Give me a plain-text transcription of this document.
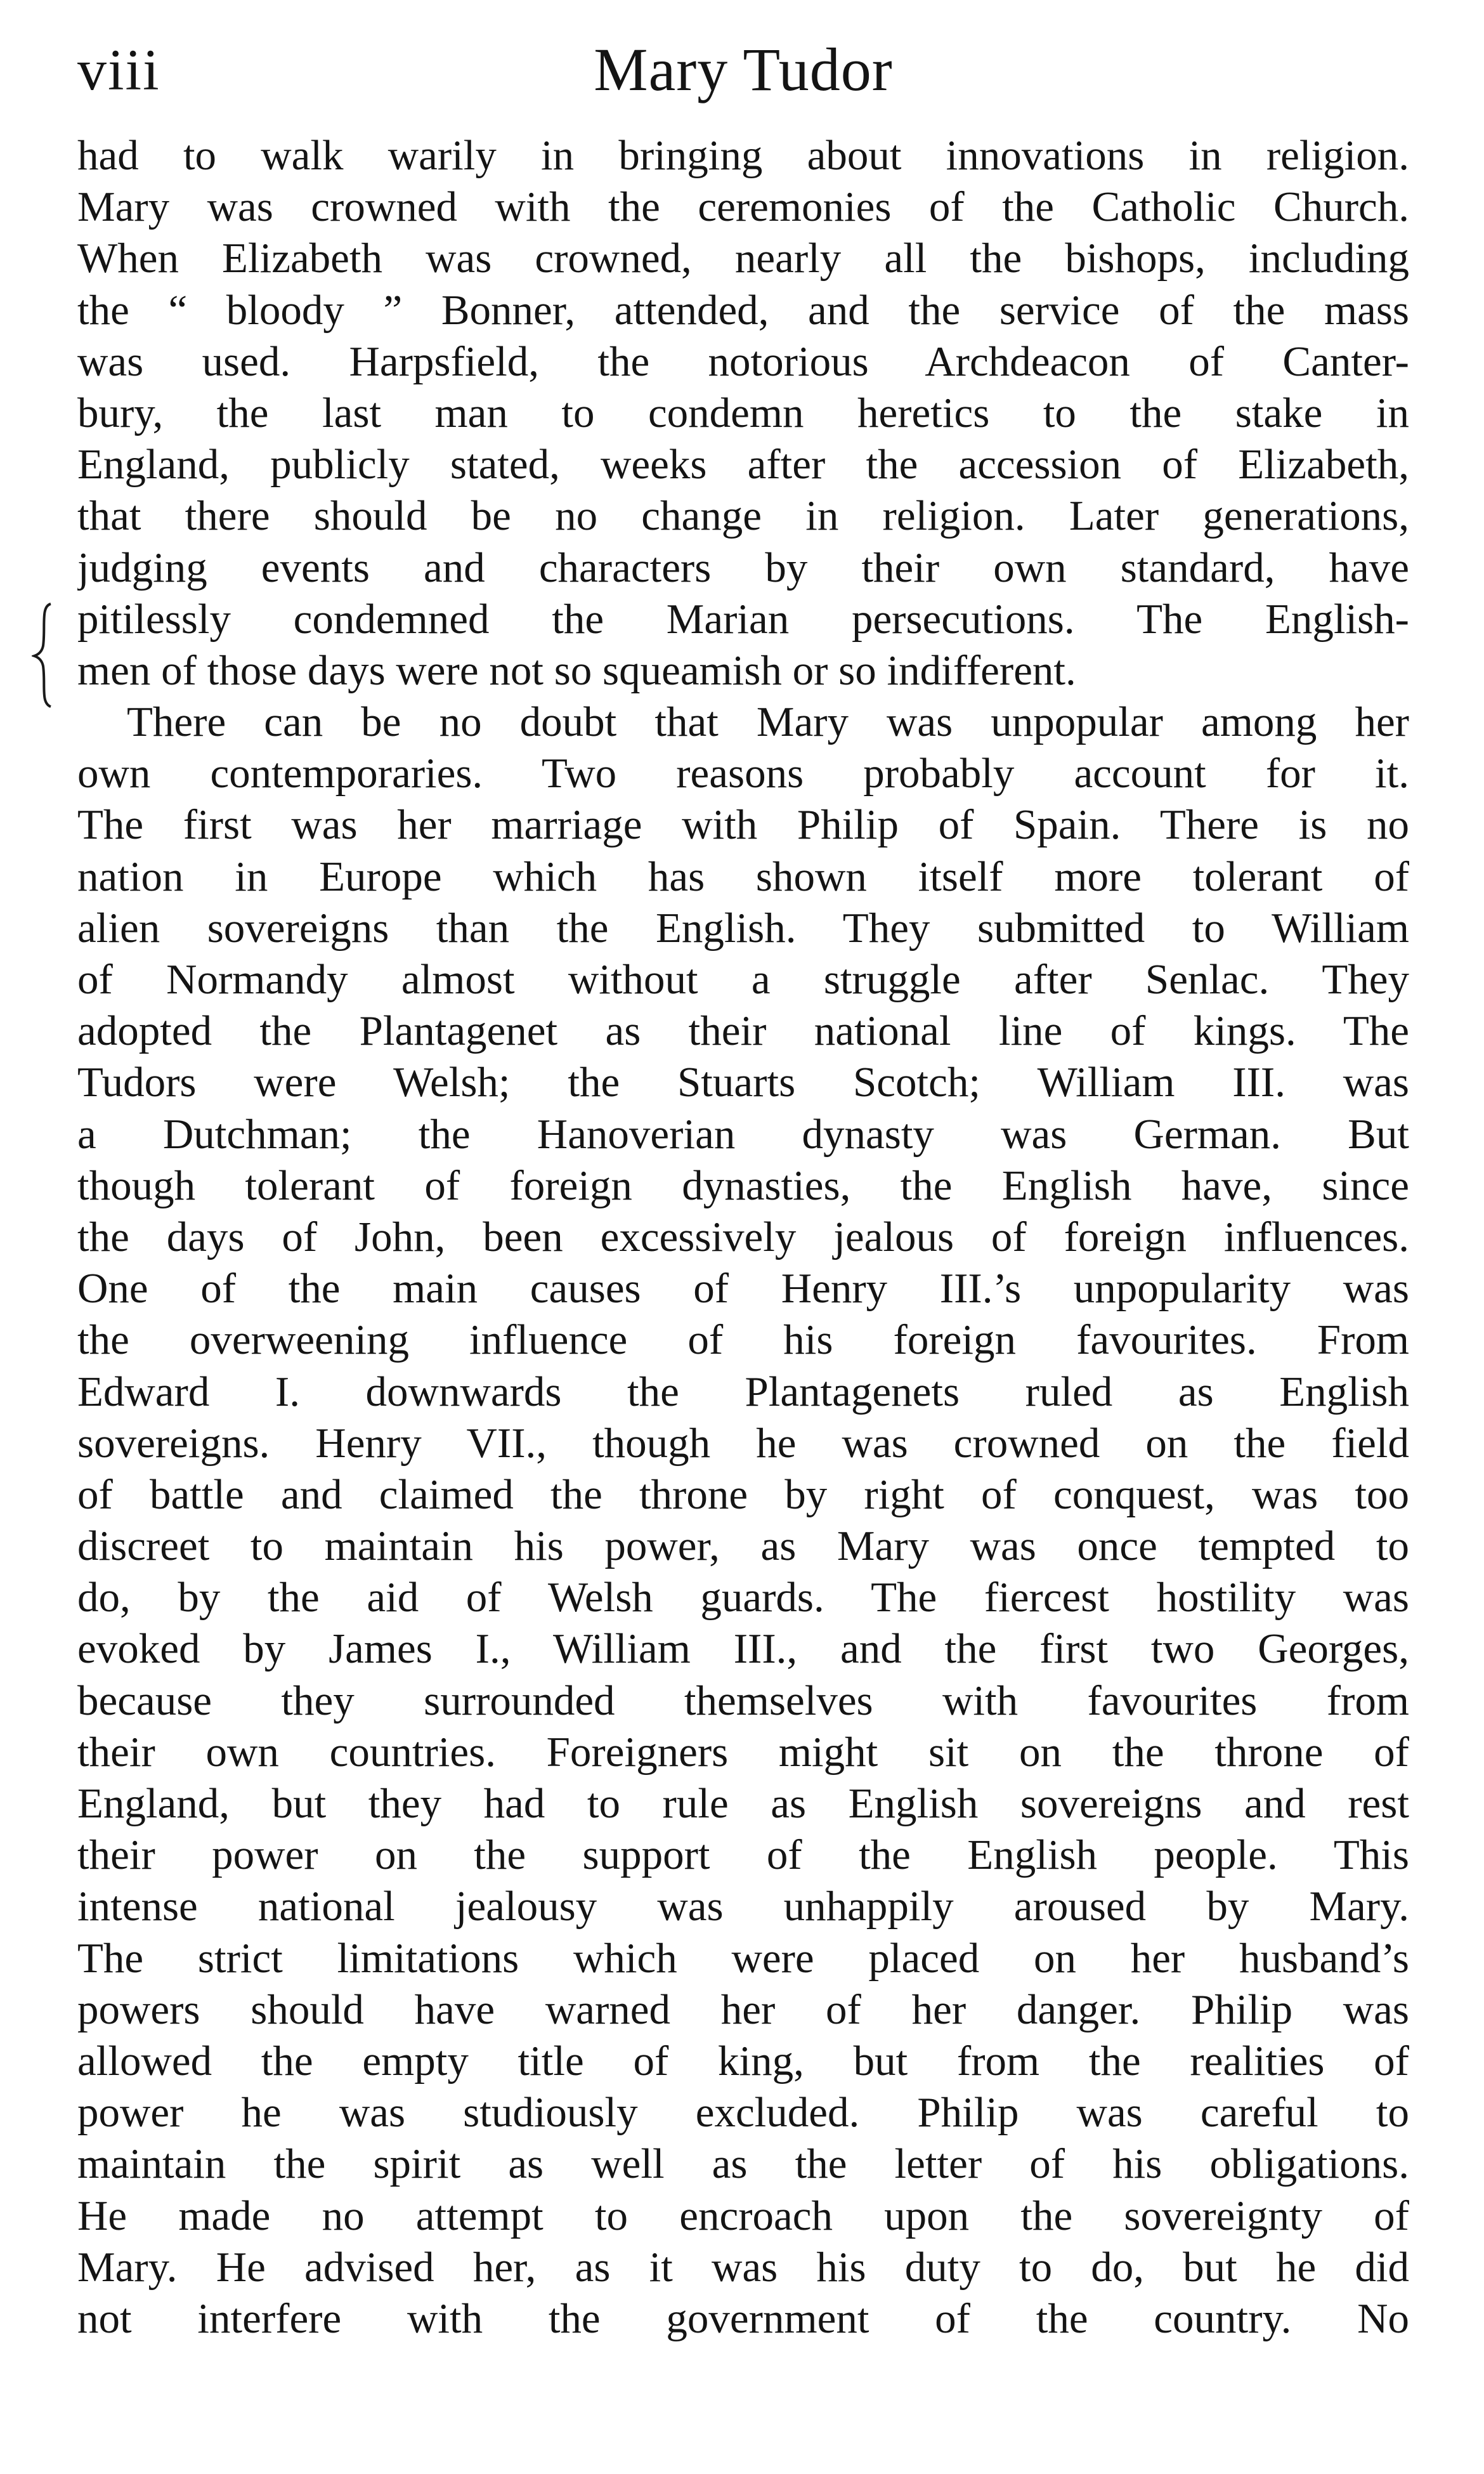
Mary Tudor
viii
had to walk warily in bringing about innovations in religion.
Mary was crowned with the ceremonies of the Catholic Church.
When Elizabeth was crowned, nearly all the bishops, including
the “ bloody ” Bonner, attended, and the service of the mass
was used. Harpsfield, the notorious Archdeacon of Canter-
bury, the last man to condemn heretics to the stake in
England, publicly stated, weeks after the accession of Elizabeth,
that there should be no change in religion. Later generations,
judging events and characters by their own standard, have
pitilessly condemned the Marian persecutions. The English-
men of those days were not so squeamish or so indifferent.
There can be no doubt that Mary was unpopular among her
own contemporaries. Two reasons probably account for it.
The first was her marriage with Philip of Spain. There is no
nation in Europe which has shown itself more tolerant of
alien sovereigns than the English. They submitted to William
of Normandy almost without a struggle after Senlac. They
adopted the Plantagenet as their national line of kings. The
Tudors were Welsh; the Stuarts Scotch; William III. was
a Dutchman; the Hanoverian dynasty was German. But
though tolerant of foreign dynasties, the English have, since
the days of John, been excessively jealous of foreign influences.
One of the main causes of Henry III.’s unpopularity was
the overweening influence of his foreign favourites. From
Edward I. downwards the Plantagenets ruled as English
sovereigns. Henry VII., though he was crowned on the field
of battle and claimed the throne by right of conquest, was too
discreet to maintain his power, as Mary was once tempted to
do, by the aid of Welsh guards. The fiercest hostility was
evoked by James I., William III., and the first two Georges,
because they surrounded themselves with favourites from
their own countries. Foreigners might sit on the throne of
England, but they had to rule as English sovereigns and rest
their power on the support of the English people. This
intense national jealousy was unhappily aroused by Mary.
The strict limitations which were placed on her husband’s
powers should have warned her of her danger. Philip was
allowed the empty title of king, but from the realities of
power he was studiously excluded. Philip was careful to
maintain the spirit as well as the letter of his obligations.
He made no attempt to encroach upon the sovereignty of
Mary. He advised her, as it was his duty to do, but he did
not interfere with the government of the country. No
